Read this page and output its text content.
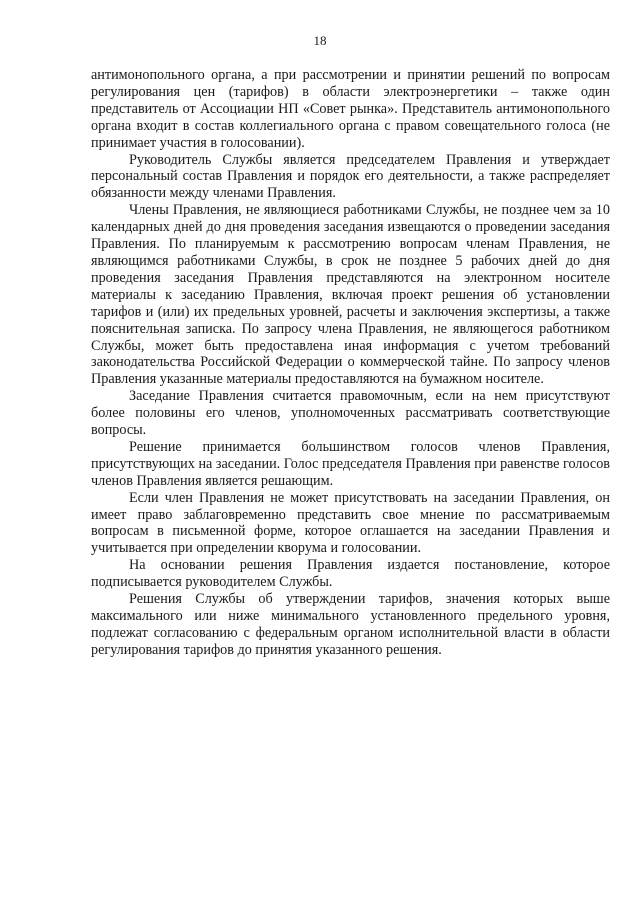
18

антимонопольного органа, а при рассмотрении и принятии решений по вопросам регулирования цен (тарифов) в области электроэнергетики – также один представитель от Ассоциации НП «Совет рынка». Представитель антимонопольного органа входит в состав коллегиального органа с правом совещательного голоса (не принимает участия в голосовании).

Руководитель Службы является председателем Правления и утверждает персональный состав Правления и порядок его деятельности, а также распределяет обязанности между членами Правления.

Члены Правления, не являющиеся работниками Службы, не позднее чем за 10 календарных дней до дня проведения заседания извещаются о проведении заседания Правления. По планируемым к рассмотрению вопросам членам Правления, не являющимся работниками Службы, в срок не позднее 5 рабочих дней до дня проведения заседания Правления представляются на электронном носителе материалы к заседанию Правления, включая проект решения об установлении тарифов и (или) их предельных уровней, расчеты и заключения экспертизы, а также пояснительная записка. По запросу члена Правления, не являющегося работником Службы, может быть предоставлена иная информация с учетом требований законодательства Российской Федерации о коммерческой тайне. По запросу членов Правления указанные материалы предоставляются на бумажном носителе.

Заседание Правления считается правомочным, если на нем присутствуют более половины его членов, уполномоченных рассматривать соответствующие вопросы.

Решение принимается большинством голосов членов Правления, присутствующих на заседании. Голос председателя Правления при равенстве голосов членов Правления является решающим.

Если член Правления не может присутствовать на заседании Правления, он имеет право заблаговременно представить свое мнение по рассматриваемым вопросам в письменной форме, которое оглашается на заседании Правления и учитывается при определении кворума и голосовании.

На основании решения Правления издается постановление, которое подписывается руководителем Службы.

Решения Службы об утверждении тарифов, значения которых выше максимального или ниже минимального установленного предельного уровня, подлежат согласованию с федеральным органом исполнительной власти в области регулирования тарифов до принятия указанного решения.
